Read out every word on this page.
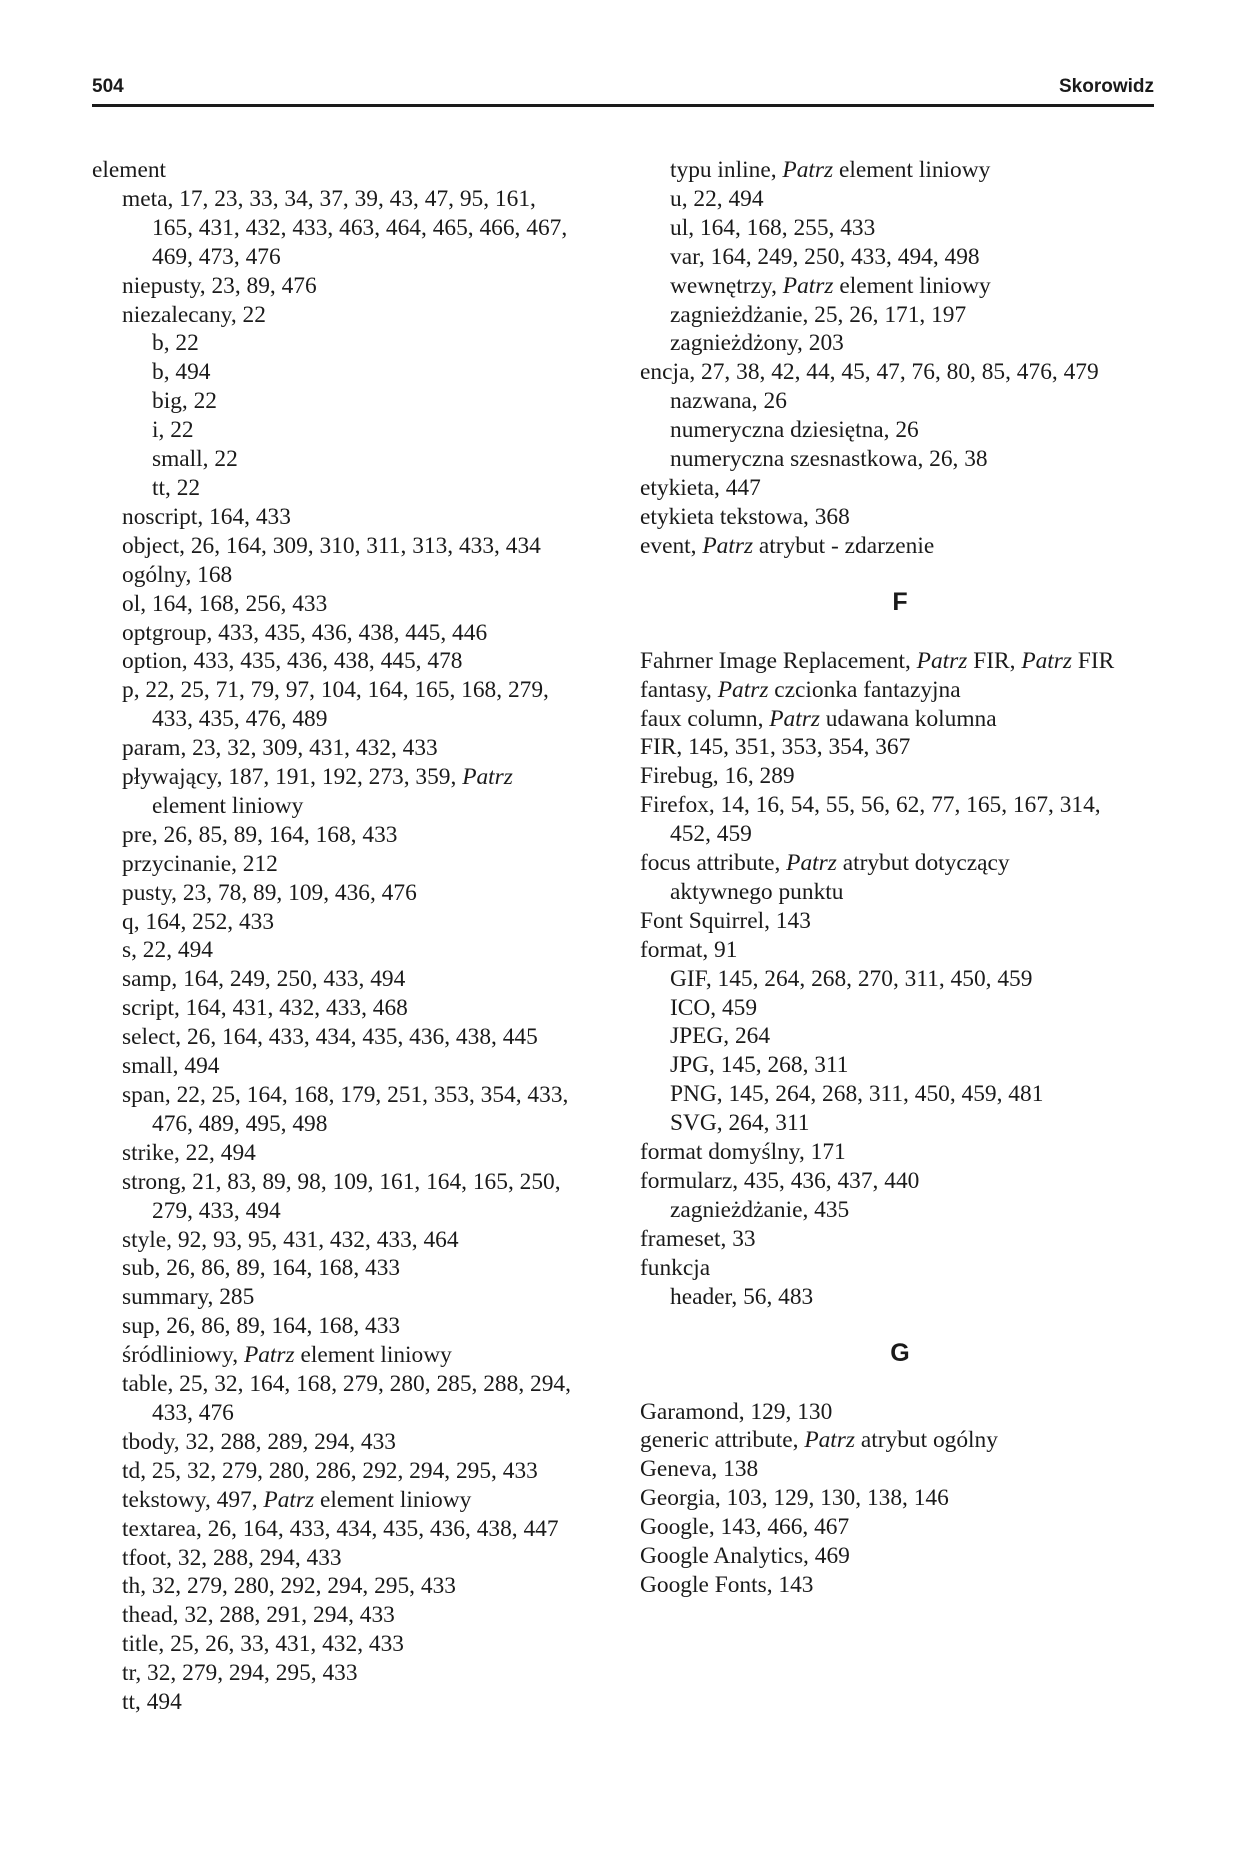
504	Skorowidz
element
meta, 17, 23, 33, 34, 37, 39, 43, 47, 95, 161,
165, 431, 432, 433, 463, 464, 465, 466, 467,
469, 473, 476
niepusty, 23, 89, 476
niezalecany, 22
b, 22
b, 494
big, 22
i, 22
small, 22
tt, 22
noscript, 164, 433
object, 26, 164, 309, 310, 311, 313, 433, 434
ogólny, 168
ol, 164, 168, 256, 433
optgroup, 433, 435, 436, 438, 445, 446
option, 433, 435, 436, 438, 445, 478
p, 22, 25, 71, 79, 97, 104, 164, 165, 168, 279,
433, 435, 476, 489
param, 23, 32, 309, 431, 432, 433
pływający, 187, 191, 192, 273, 359, Patrz
element liniowy
pre, 26, 85, 89, 164, 168, 433
przycinanie, 212
pusty, 23, 78, 89, 109, 436, 476
q, 164, 252, 433
s, 22, 494
samp, 164, 249, 250, 433, 494
script, 164, 431, 432, 433, 468
select, 26, 164, 433, 434, 435, 436, 438, 445
small, 494
span, 22, 25, 164, 168, 179, 251, 353, 354, 433,
476, 489, 495, 498
strike, 22, 494
strong, 21, 83, 89, 98, 109, 161, 164, 165, 250,
279, 433, 494
style, 92, 93, 95, 431, 432, 433, 464
sub, 26, 86, 89, 164, 168, 433
summary, 285
sup, 26, 86, 89, 164, 168, 433
śródliniowy, Patrz element liniowy
table, 25, 32, 164, 168, 279, 280, 285, 288, 294,
433, 476
tbody, 32, 288, 289, 294, 433
td, 25, 32, 279, 280, 286, 292, 294, 295, 433
tekstowy, 497, Patrz element liniowy
textarea, 26, 164, 433, 434, 435, 436, 438, 447
tfoot, 32, 288, 294, 433
th, 32, 279, 280, 292, 294, 295, 433
thead, 32, 288, 291, 294, 433
title, 25, 26, 33, 431, 432, 433
tr, 32, 279, 294, 295, 433
tt, 494
typu inline, Patrz element liniowy
u, 22, 494
ul, 164, 168, 255, 433
var, 164, 249, 250, 433, 494, 498
wewnętrzy, Patrz element liniowy
zagnieżdżanie, 25, 26, 171, 197
zagnieżdżony, 203
encja, 27, 38, 42, 44, 45, 47, 76, 80, 85, 476, 479
nazwana, 26
numeryczna dziesiętna, 26
numeryczna szesnastkowa, 26, 38
etykieta, 447
etykieta tekstowa, 368
event, Patrz atrybut - zdarzenie
F
Fahrner Image Replacement, Patrz FIR, Patrz FIR
fantasy, Patrz czcionka fantazyjna
faux column, Patrz udawana kolumna
FIR, 145, 351, 353, 354, 367
Firebug, 16, 289
Firefox, 14, 16, 54, 55, 56, 62, 77, 165, 167, 314,
452, 459
focus attribute, Patrz atrybut dotyczący
aktywnego punktu
Font Squirrel, 143
format, 91
GIF, 145, 264, 268, 270, 311, 450, 459
ICO, 459
JPEG, 264
JPG, 145, 268, 311
PNG, 145, 264, 268, 311, 450, 459, 481
SVG, 264, 311
format domyślny, 171
formularz, 435, 436, 437, 440
zagnieżdżanie, 435
frameset, 33
funkcja
header, 56, 483
G
Garamond, 129, 130
generic attribute, Patrz atrybut ogólny
Geneva, 138
Georgia, 103, 129, 130, 138, 146
Google, 143, 466, 467
Google Analytics, 469
Google Fonts, 143
